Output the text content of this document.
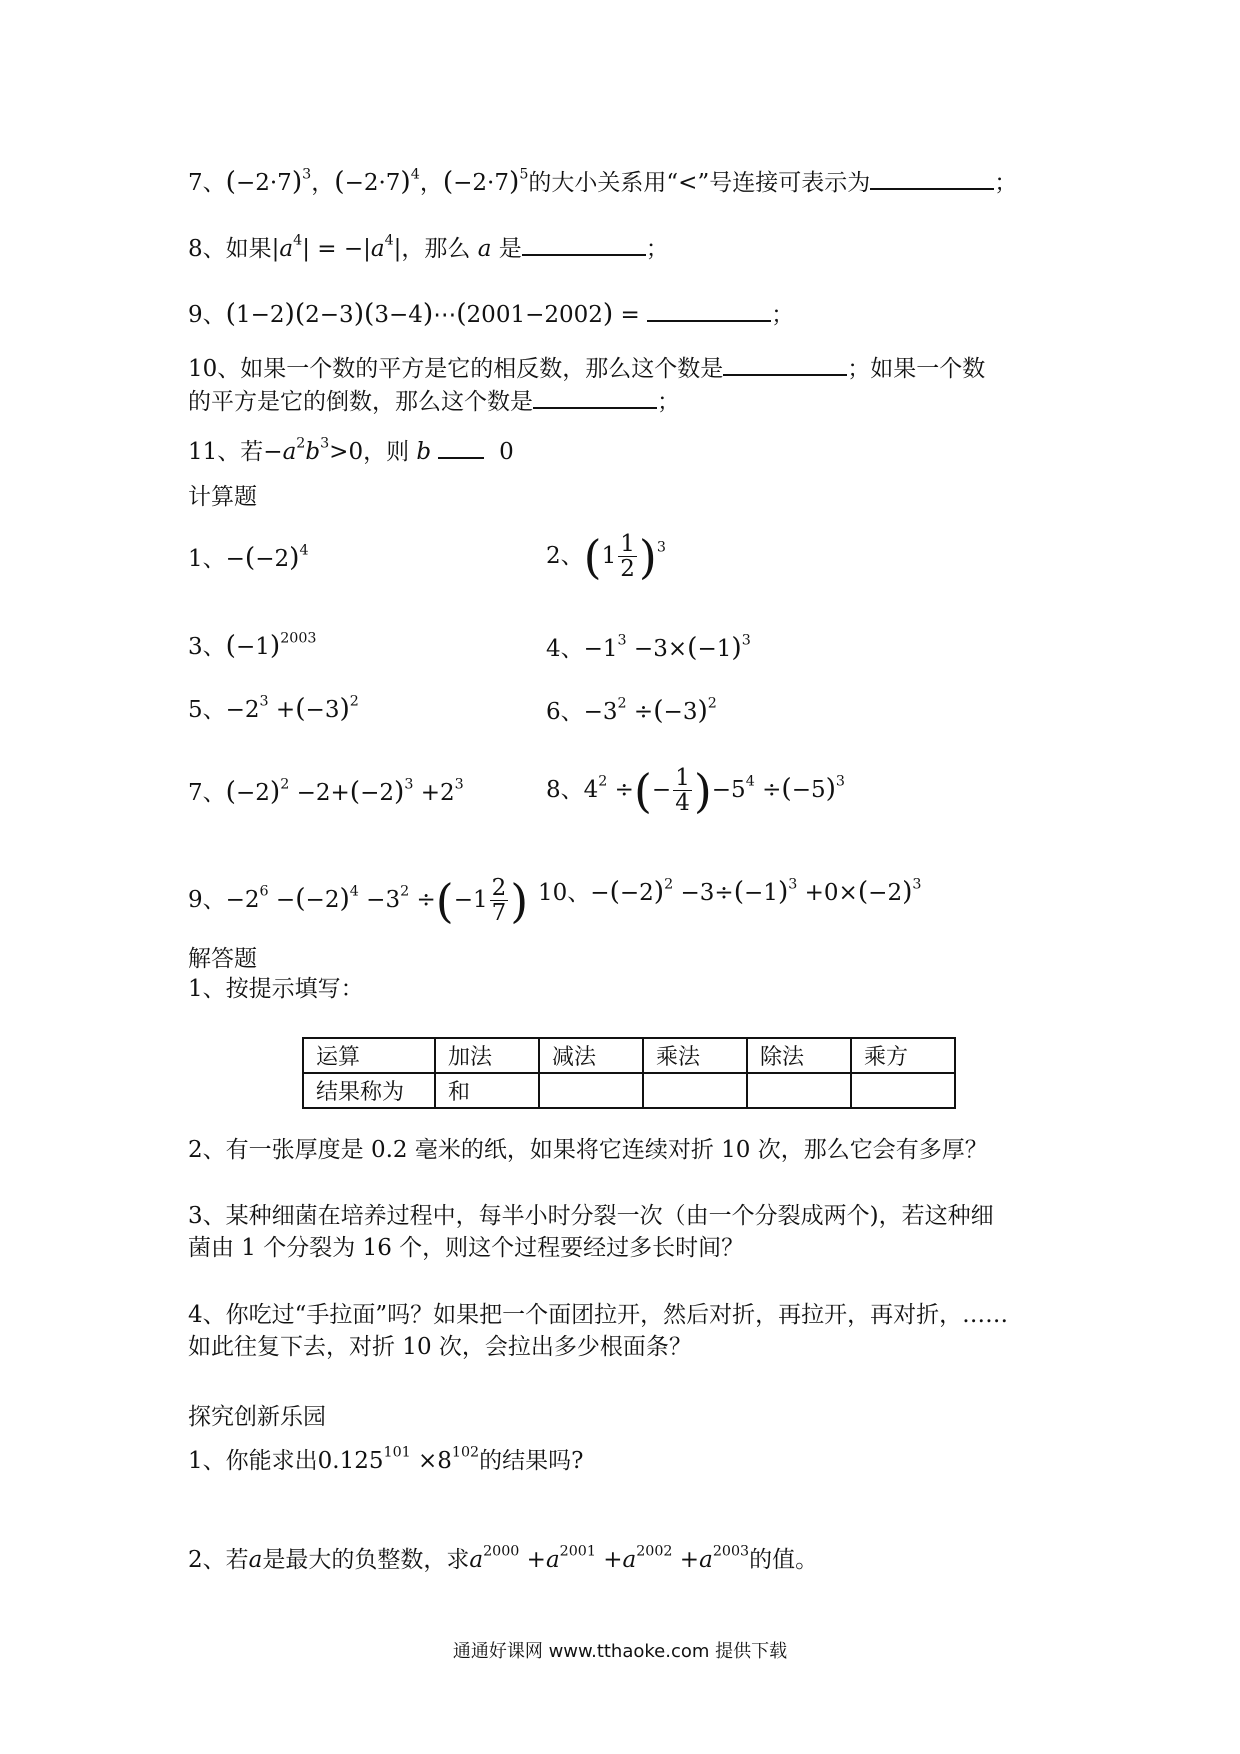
7、$(-2\cdot 7)^3$，$(-2\cdot 7)^4$，$(-2\cdot 7)^5$的大小关系用“<”号连接可表示为	；
8、如果$|a^4| = -|a^4|$，那么 a 是	；
9、(1−2)(2−3)(3−4)⋯(2001−2002) =	；
10、如果一个数的平方是它的相反数，那么这个数是	；如果一个数
的平方是它的倒数，那么这个数是	；
11、若$-a^2b^3>0$，则 b	0
计算题
1、$-(-2)^4$	2、$(1 \frac{1}{2} )^3$
3、$(-1)^{2003}$	4、$-1^3 -3\times(-1)^3$
5、$-2^3 +(-3)^2$	6、$-3^2 \div(-3)^2$
7、$(-2)^2 -2+(-2)^3 +2^3$	8、$4^2$ ÷(− $\frac{1}{4} )-5^4 \div(-5)^3$
9、$-2^6 -(-2)^4 -3^2 \div(-1 \frac{2}{7}$ ) 10、$-(-2)^2 -3\div(-1)^3 +0\times(-2)^3$
解答题
1、按提示填写：
运算	加法	减法	乘法	除法	乘方
结果称为	和				
2、有一张厚度是 0.2 毫米的纸，如果将它连续对折 10 次，那么它会有多厚？
3、某种细菌在培养过程中，每半小时分裂一次（由一个分裂成两个)，若这种细
菌由 1 个分裂为 16 个，则这个过程要经过多长时间？
4、你吃过“手拉面”吗？如果把一个面团拉开，然后对折，再拉开，再对折，……
如此往复下去，对折 10 次，会拉出多少根面条？
探究创新乐园
1、你能求出$0.125^{101} \times 8^{102}$的结果吗?
2、若a是最大的负整数，求$a^{2000} +a^{2001} +a^{2002} +a^{2003}$的值。
通通好课网 www.tthaoke.com 提供下载
